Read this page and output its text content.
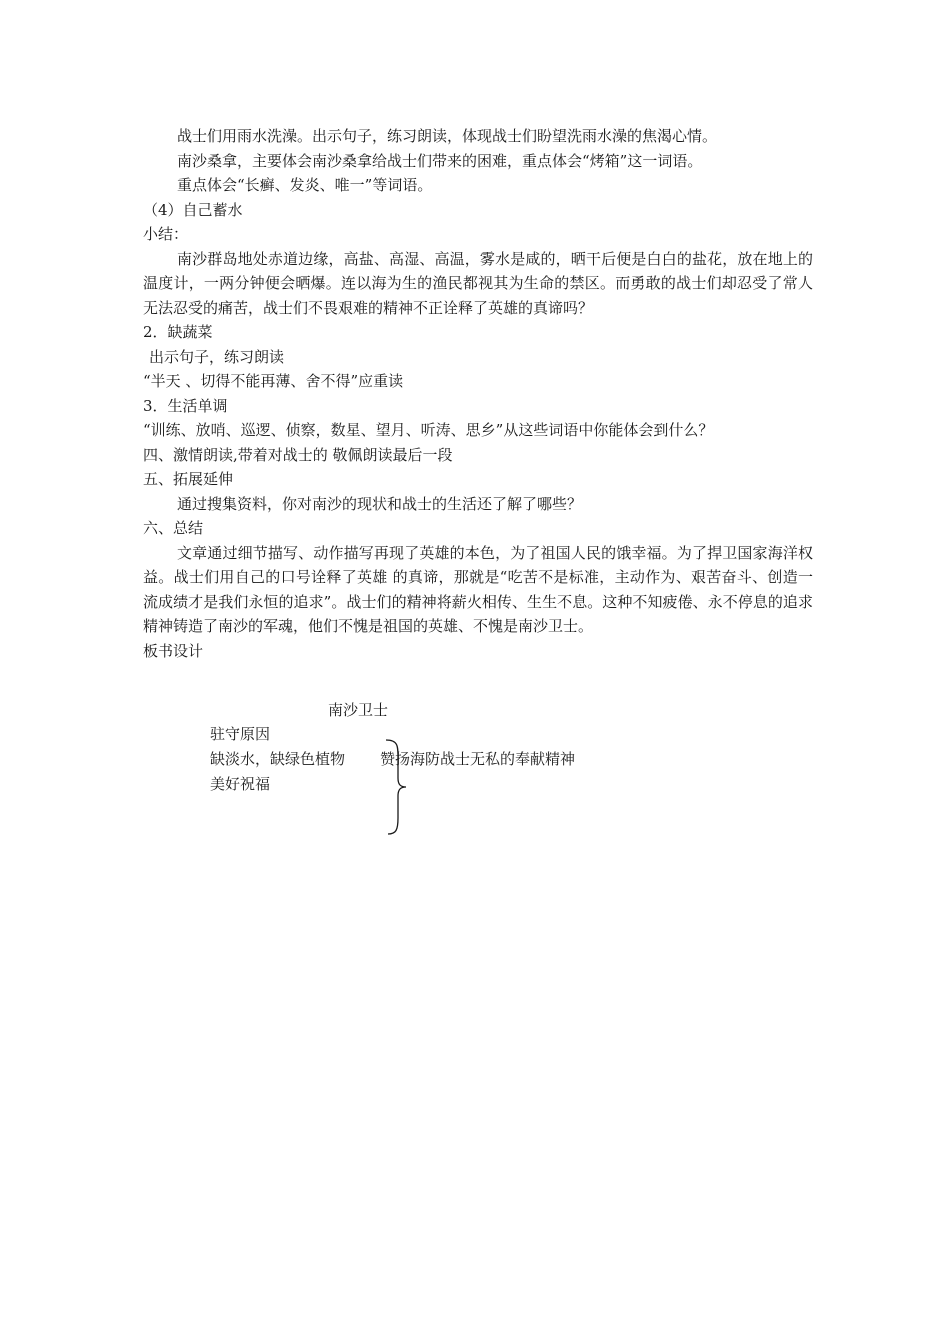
战士们用雨水洗澡。出示句子，练习朗读，体现战士们盼望洗雨水澡的焦渴心情。

南沙桑拿，主要体会南沙桑拿给战士们带来的困难，重点体会“烤箱”这一词语。

重点体会“长癣、发炎、唯一”等词语。

（4）自己蓄水

小结：

南沙群岛地处赤道边缘，高盐、高湿、高温，雾水是咸的，晒干后便是白白的盐花，放在地上的温度计，一两分钟便会晒爆。连以海为生的渔民都视其为生命的禁区。而勇敢的战士们却忍受了常人无法忍受的痛苦，战士们不畏艰难的精神不正诠释了英雄的真谛吗？

2．缺蔬菜

出示句子，练习朗读

“半天 、切得不能再薄、舍不得”应重读

3．生活单调

“训练、放哨、巡逻、侦察，数星、望月、听涛、思乡”从这些词语中你能体会到什么？

四、激情朗读,带着对战士的 敬佩朗读最后一段

五、拓展延伸

通过搜集资料，你对南沙的现状和战士的生活还了解了哪些？

六、总结

文章通过细节描写、动作描写再现了英雄的本色，为了祖国人民的饿幸福。为了捍卫国家海洋权益。战士们用自己的口号诠释了英雄 的真谛，那就是“吃苦不是标准，主动作为、艰苦奋斗、创造一流成绩才是我们永恒的追求”。战士们的精神将薪火相传、生生不息。这种不知疲倦、永不停息的追求精神铸造了南沙的军魂，他们不愧是祖国的英雄、不愧是南沙卫士。

板书设计

南沙卫士
驻守原因
缺淡水，缺绿色植物
美好祝福
赞扬海防战士无私的奉献精神
